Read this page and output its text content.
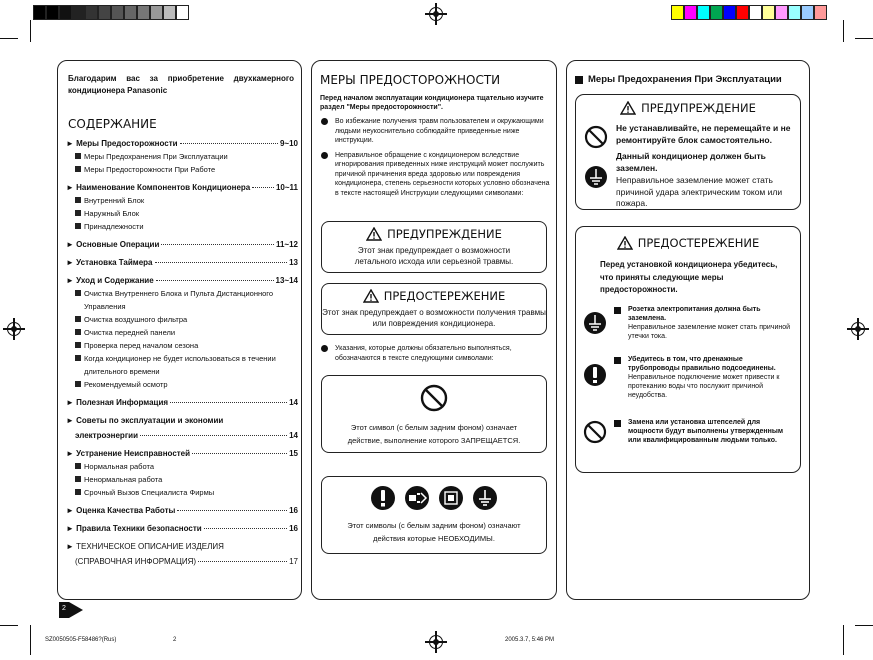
Благодарим вас за приобретение двухкамерного кондиционера Panasonic
СОДЕРЖАНИЕ
► Меры Предосторожности	9~10
Меры Предохранения При Эксплуатации
Меры Предосторожности При Работе
► Наименование Компонентов Кондиционера	10~11
Внутренний Блок
Наружный Блок
Принадлежности
► Основные Операции	11~12
► Установка Таймера	13
► Уход и Содержание	13~14
Очистка Внутреннего Блока и Пульта Дистанционного Управления
Очистка воздушного фильтра
Очистка передней панели
Проверка перед началом сезона
Когда кондиционер не будет использоваться в течении длительного времени
Рекомендуемый осмотр
► Полезная Информация	14
► Советы по эксплуатации и экономии
электроэнергии	14
► Устранение Неисправностей	15
Нормальная работа
Ненормальная работа
Срочный Вызов Специалиста Фирмы
► Оценка Качества Работы	16
► Правила Техники безопасности	16
► ТЕХНИЧЕСКОЕ ОПИСАНИЕ ИЗДЕЛИЯ
(СПРАВОЧНАЯ ИНФОРМАЦИЯ)	17
2
МЕРЫ ПРЕДОСТОРОЖНОСТИ
Перед началом эксплуатации кондиционера тщательно изучите раздел "Меры предосторожности".
Во избежание получения травм пользователем и окружающими людьми неукоснительно соблюдайте приведенные ниже инструкции.
Неправильное обращение с кондиционером вследствие игнорирования приведенных ниже инструкций может послужить причиной причинения вреда здоровью или повреждения кондиционера, степень серьезности которых условно обозначена в тексте настоящей Инструкции следующими символами:
ПРЕДУПРЕЖДЕНИЕ
Этот знак предупреждает о возможности летального исхода или серьезной травмы.
ПРЕДОСТЕРЕЖЕНИЕ
Этот знак предупреждает о возможности получения травмы или повреждения кондиционера.
Указания, которые должны обязательно выполняться, обозначаются в тексте следующими символами:
Этот символ (с белым задним фоном) означает действие, выполнение которого ЗАПРЕЩАЕТСЯ.
Этот символы (с белым задним фоном) означают действия которые НЕОБХОДИМЫ.
Меры Предохранения При Эксплуатации
ПРЕДУПРЕЖДЕНИЕ
Не устанавливайте, не перемещайте и не ремонтируйте блок самостоятельно.
Данный кондиционер должен быть заземлен.
Неправильное заземление может стать причиной удара электрическим током или пожара.
ПРЕДОСТЕРЕЖЕНИЕ
Перед установкой кондиционера убедитесь, что приняты следующие меры предосторожности.
Розетка электропитания должна быть заземлена.
Неправильное заземление может стать причиной утечки тока.
Убедитесь в том, что дренажные трубопроводы правильно подсоединены.
Неправильное подключение может привести к протеканию воды что послужит причиной неудобства.
Замена или установка штепселей для мощности будут выполнены утвержденным или квалифицированным людьми только.
SZ0050505-F58486?(Rus)	2	2005.3.7, 5:46 PM
